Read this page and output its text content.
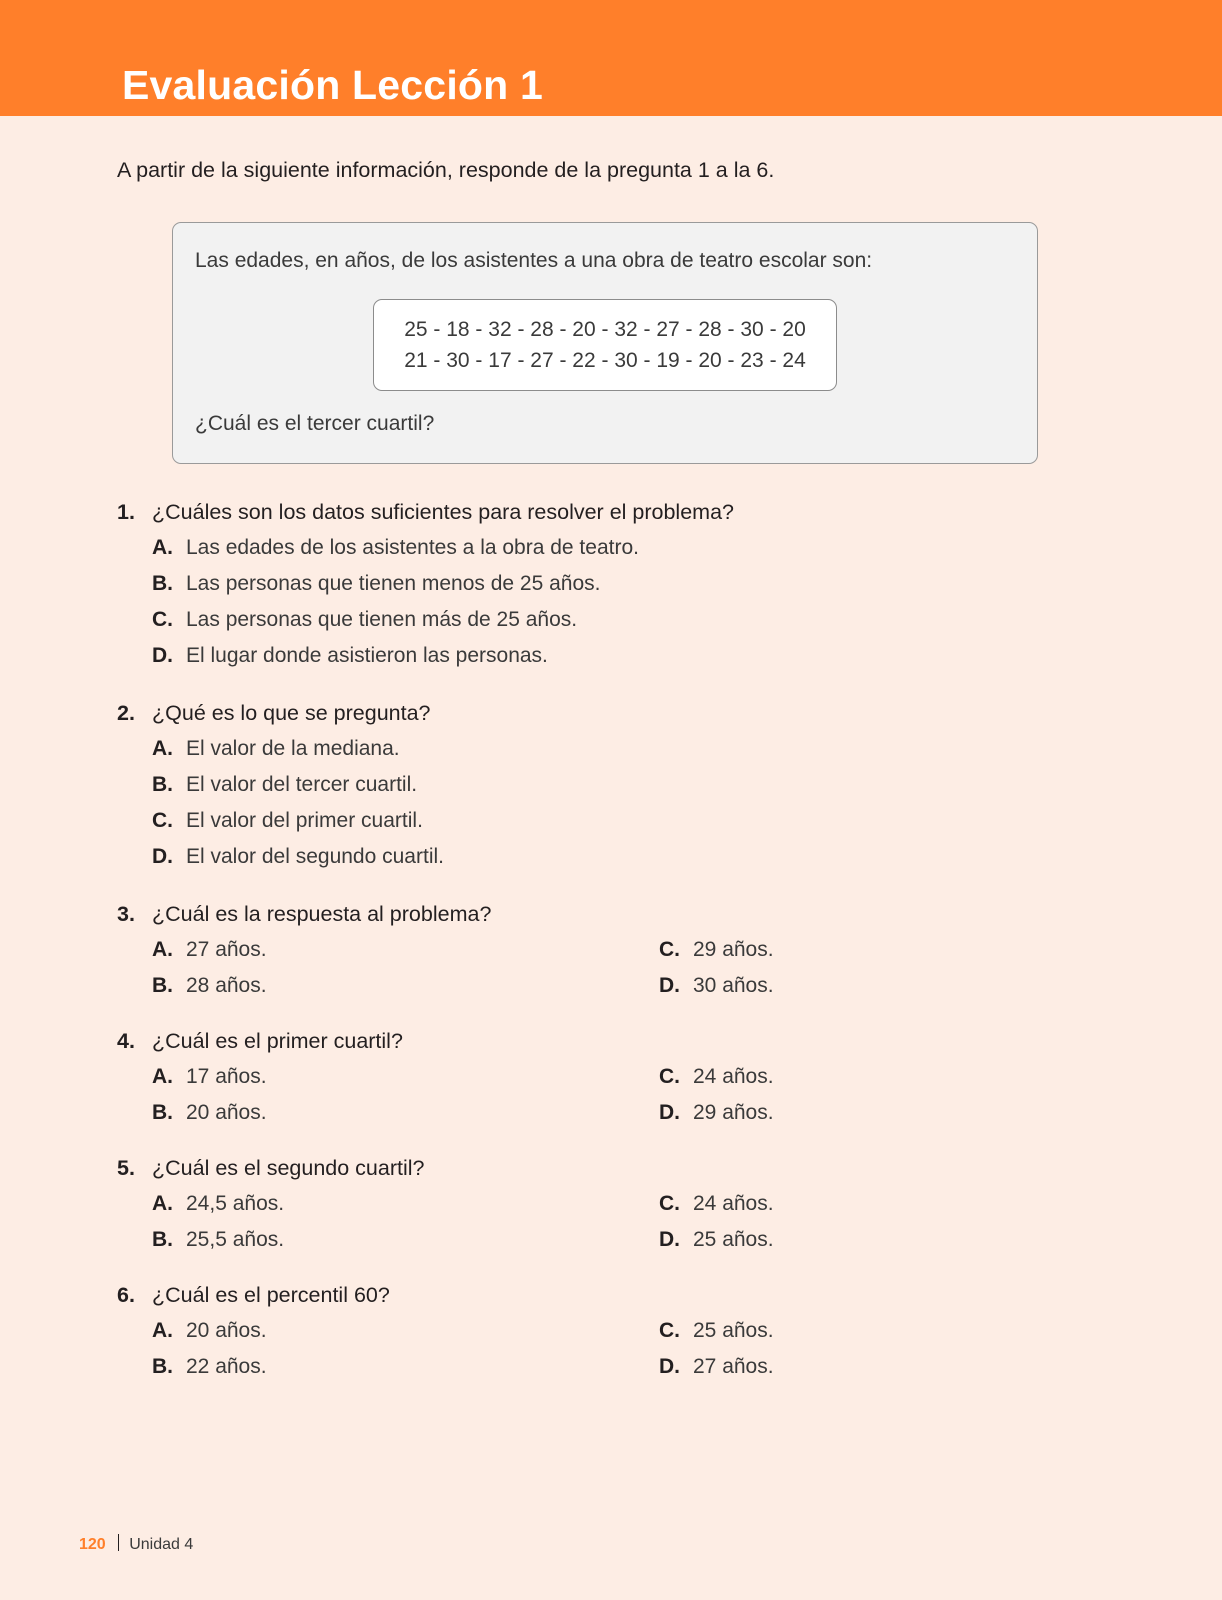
Evaluación Lección 1
A partir de la siguiente información, responde de la pregunta 1 a la 6.
Las edades, en años, de los asistentes a una obra de teatro escolar son:
25 - 18 - 32 - 28 - 20 - 32 - 27 - 28 - 30 - 20
21 - 30 - 17 - 27 - 22 - 30 - 19 - 20 - 23 - 24
¿Cuál es el tercer cuartil?
1. ¿Cuáles son los datos suficientes para resolver el problema?
A. Las edades de los asistentes a la obra de teatro.
B. Las personas que tienen menos de 25 años.
C. Las personas que tienen más de 25 años.
D. El lugar donde asistieron las personas.
2. ¿Qué es lo que se pregunta?
A. El valor de la mediana.
B. El valor del tercer cuartil.
C. El valor del primer cuartil.
D. El valor del segundo cuartil.
3. ¿Cuál es la respuesta al problema?
A. 27 años.
B. 28 años.
C. 29 años.
D. 30 años.
4. ¿Cuál es el primer cuartil?
A. 17 años.
B. 20 años.
C. 24 años.
D. 29 años.
5. ¿Cuál es el segundo cuartil?
A. 24,5 años.
B. 25,5 años.
C. 24 años.
D. 25 años.
6. ¿Cuál es el percentil 60?
A. 20 años.
B. 22 años.
C. 25 años.
D. 27 años.
120 Unidad 4
